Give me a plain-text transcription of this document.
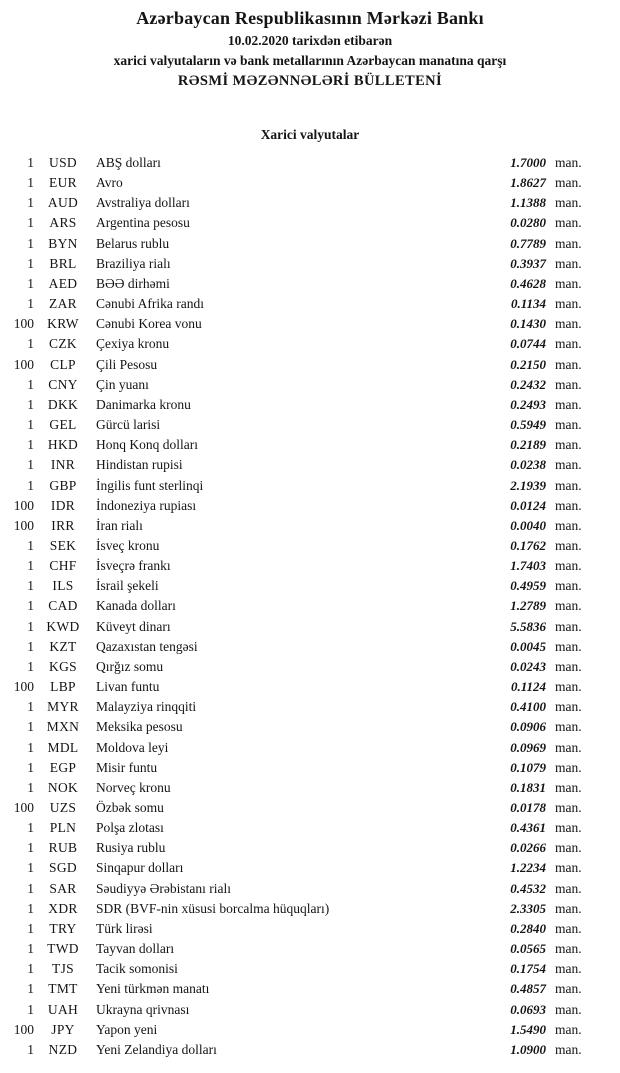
Azərbaycan Respublikasının Mərkəzi Bankı
10.02.2020 tarixdən etibarən
xarici valyutaların və bank metallarının Azərbaycan manatına qarşı
RƏSMİ MƏZƏNNƏLƏRİ BÜLLETENİ
Xarici valyutalar
1	USD	ABŞ dolları	1.7000 man.
1	EUR	Avro	1.8627 man.
1	AUD	Avstraliya dolları	1.1388 man.
1	ARS	Argentina pesosu	0.0280 man.
1	BYN	Belarus rublu	0.7789 man.
1	BRL	Braziliya rialı	0.3937 man.
1	AED	BƏƏ dirhəmi	0.4628 man.
1	ZAR	Cənubi Afrika randı	0.1134 man.
100 KRW	Cənubi Korea vonu	0.1430 man.
1	CZK	Çexiya kronu	0.0744 man.
100	CLP	Çili Pesosu	0.2150 man.
1	CNY	Çin yuanı	0.2432 man.
1	DKK	Danimarka kronu	0.2493 man.
1	GEL	Gürcü larisi	0.5949 man.
1	HKD	Honq Konq dolları	0.2189 man.
1	INR	Hindistan rupisi	0.0238 man.
1	GBP	İngilis funt sterlinqi	2.1939 man.
100	IDR	İndoneziya rupiası	0.0124 man.
100	IRR	İran rialı	0.0040 man.
1	SEK	İsveç kronu	0.1762 man.
1	CHF	İsveçrə frankı	1.7403 man.
1	ILS	İsrail şekeli	0.4959 man.
1	CAD	Kanada dolları	1.2789 man.
1 KWD	Küveyt dinarı	5.5836 man.
1	KZT	Qazaxıstan tengəsi	0.0045 man.
1	KGS	Qırğız somu	0.0243 man.
100	LBP	Livan funtu	0.1124 man.
1 MYR	Malayziya rinqqiti	0.4100 man.
1 MXN	Meksika pesosu	0.0906 man.
1	MDL	Moldova leyi	0.0969 man.
1	EGP	Misir funtu	0.1079 man.
1	NOK	Norveç kronu	0.1831 man.
100	UZS	Özbək somu	0.0178 man.
1	PLN	Polşa zlotası	0.4361 man.
1	RUB	Rusiya rublu	0.0266 man.
1	SGD	Sinqapur dolları	1.2234 man.
1	SAR	Səudiyyə Ərəbistanı rialı	0.4532 man.
1	XDR	SDR (BVF-nin xüsusi borcalma hüquqları)	2.3305 man.
1	TRY	Türk lirəsi	0.2840 man.
1 TWD	Tayvan dolları	0.0565 man.
1	TJS	Tacik somonisi	0.1754 man.
1	TMT	Yeni türkmən manatı	0.4857 man.
1	UAH	Ukrayna qrivnası	0.0693 man.
100	JPY	Yapon yeni	1.5490 man.
1	NZD	Yeni Zelandiya dolları	1.0900 man.
